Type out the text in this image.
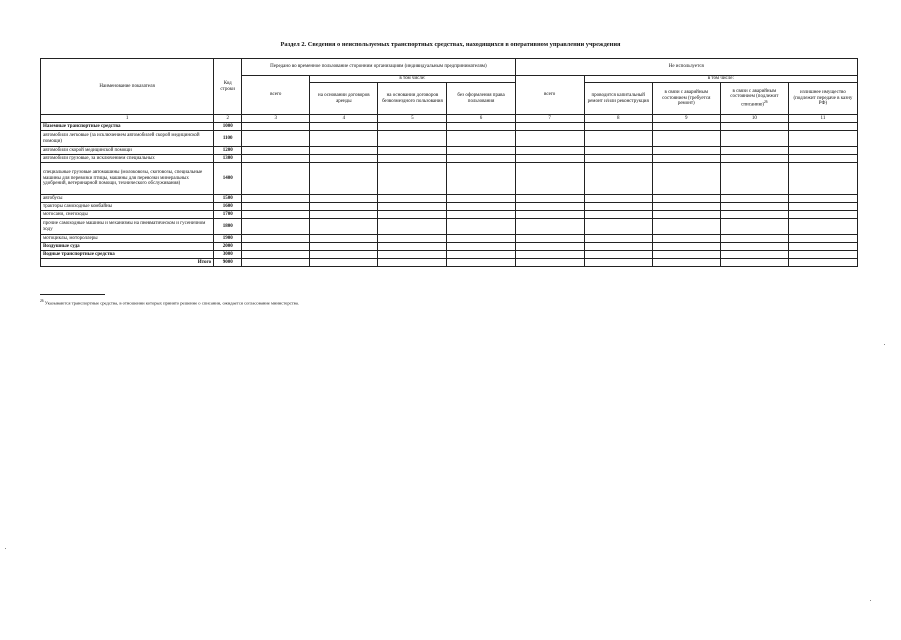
Раздел 2. Сведения о неиспользуемых транспортных средствах, находящихся в оперативном управлении учреждения
Наименование показателя	Код строки	Передано во временное пользование сторонним организациям (индивидуальным предпринимателям)				Не используется				
		всего	в том числе:			всего	в том числе:			
			на основании договоров аренды	на основании договоров безвозмездного пользования	без оформления права пользования		проводится капитальный ремонт и/или реконструкция	в связи с аварийным состоянием (требуется ремонт)	в связи с аварийным состоянием (подлежит списанию)$^{26}$	излишнее имущество (подлежит передаче в казну РФ)

1	2	3	4	5	6	7	8	9	10	11
Наземные транспортные средства	1000									
автомобили легковые (за исключением автомобилей скорой медицинской помощи)	1100									
автомобили скорой медицинской помощи	1200									
автомобили грузовые, за исключением специальных	1300									
специальные грузовые автомашины (молоковозы, скотовозы, специальные машины для перевозки птицы, машины для перевозки минеральных удобрений, ветеринарной помощи, технического обслуживания)	1400									
автобусы	1500									
тракторы самоходные комбайны	1600									
мотосани, снегоходы	1700									
прочие самоходные машины и механизмы на пневматическом и гусеничном ходу	1800									
мотоциклы, мотороллеры	1900									
Воздушные суда	2000									
Водные транспортные средства	3000									
Итого	9000									
$^{26}$ Указываются транспортные средства, в отношении которых принято решение о списании, ожидается согласование министерства.
